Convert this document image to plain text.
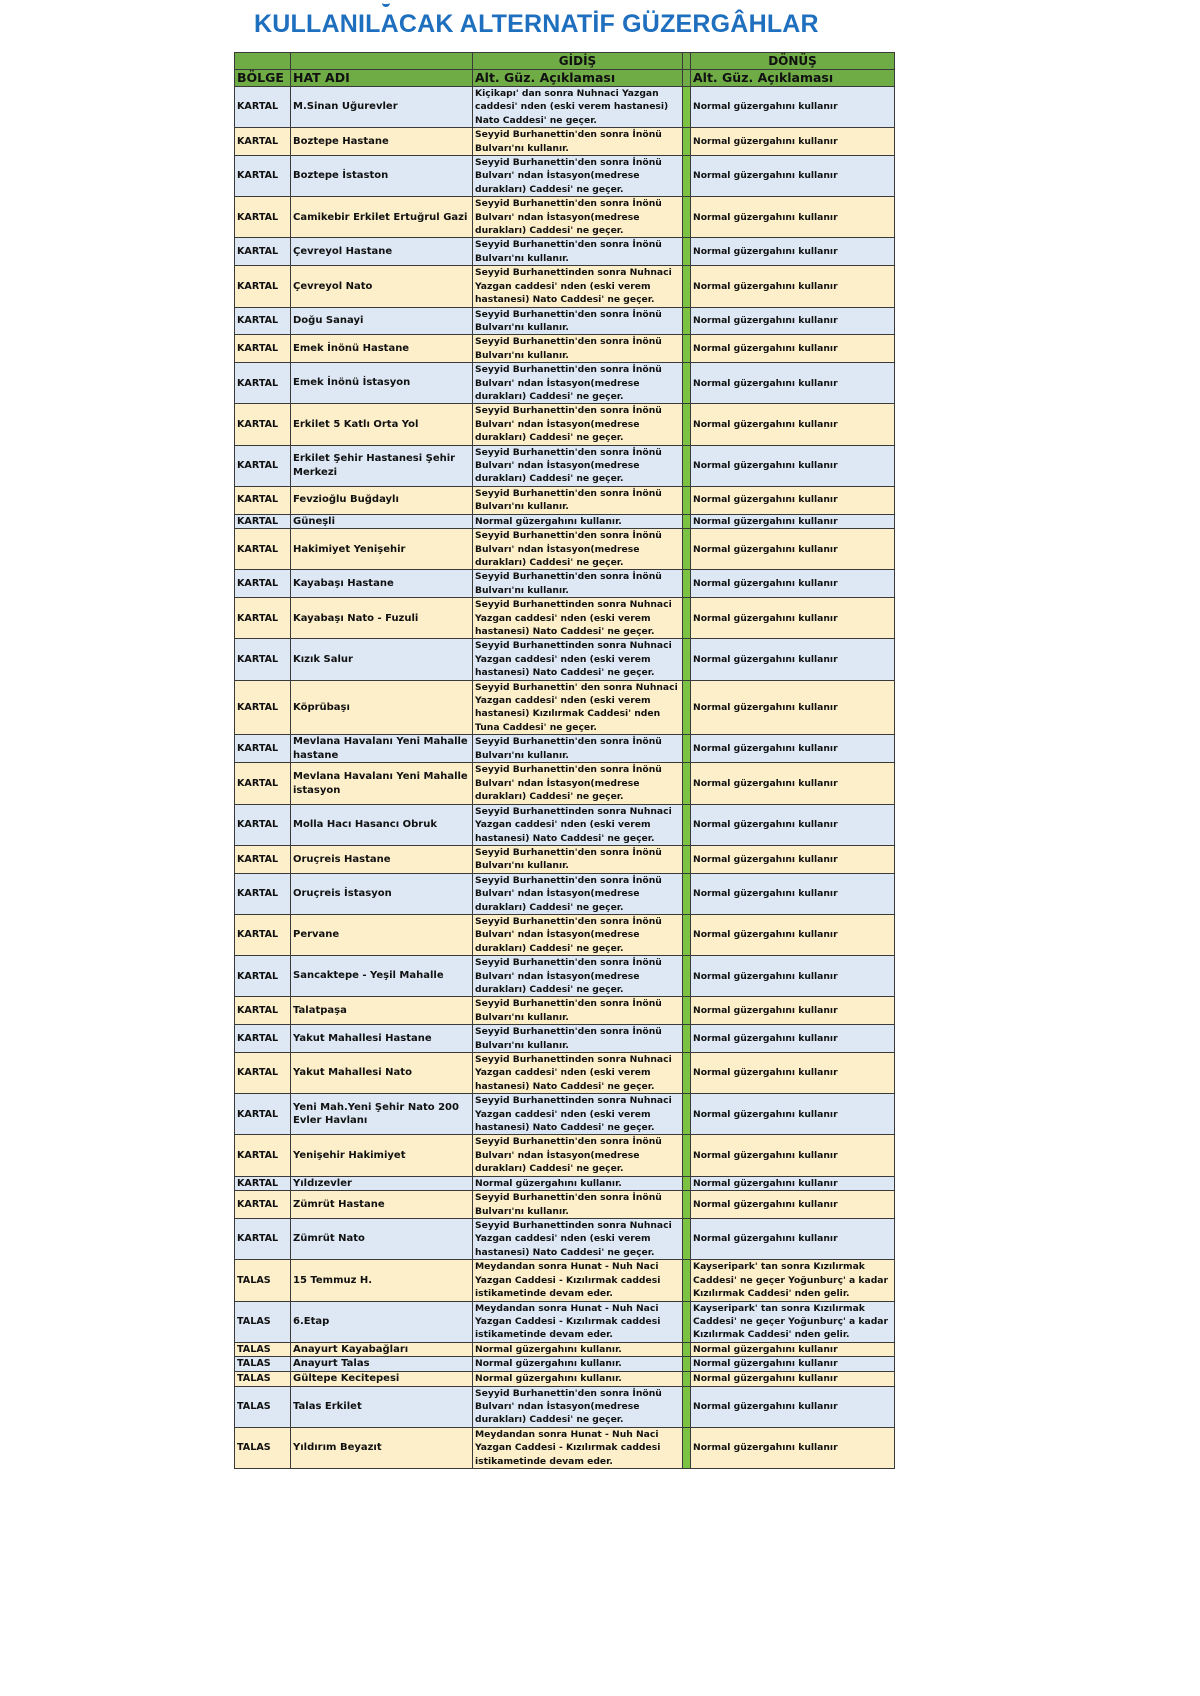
KULLANILACAK ALTERNATİF GÜZERGÂHLAR
		GİDİŞ		DÖNÜŞ
BÖLGE	HAT ADI	Alt. Güz. Açıklaması		Alt. Güz. Açıklaması
KARTAL	M.Sinan Uğurevler	Kiçikapı' dan sonra Nuhnaci Yazgan caddesi' nden (eski verem hastanesi) Nato Caddesi' ne geçer.		Normal güzergahını kullanır
KARTAL	Boztepe Hastane	Seyyid Burhanettin'den sonra İnönü Bulvarı'nı kullanır.		Normal güzergahını kullanır
KARTAL	Boztepe İstaston	Seyyid Burhanettin'den sonra İnönü Bulvarı' ndan İstasyon(medrese durakları) Caddesi' ne geçer.		Normal güzergahını kullanır
KARTAL	Camikebir Erkilet Ertuğrul Gazi	Seyyid Burhanettin'den sonra İnönü Bulvarı' ndan İstasyon(medrese durakları) Caddesi' ne geçer.		Normal güzergahını kullanır
KARTAL	Çevreyol Hastane	Seyyid Burhanettin'den sonra İnönü Bulvarı'nı kullanır.		Normal güzergahını kullanır
KARTAL	Çevreyol Nato	Seyyid Burhanettinden sonra Nuhnaci Yazgan caddesi' nden (eski verem hastanesi) Nato Caddesi' ne geçer.		Normal güzergahını kullanır
KARTAL	Doğu Sanayi	Seyyid Burhanettin'den sonra İnönü Bulvarı'nı kullanır.		Normal güzergahını kullanır
KARTAL	Emek İnönü Hastane	Seyyid Burhanettin'den sonra İnönü Bulvarı'nı kullanır.		Normal güzergahını kullanır
KARTAL	Emek İnönü İstasyon	Seyyid Burhanettin'den sonra İnönü Bulvarı' ndan İstasyon(medrese durakları) Caddesi' ne geçer.		Normal güzergahını kullanır
KARTAL	Erkilet 5 Katlı Orta Yol	Seyyid Burhanettin'den sonra İnönü Bulvarı' ndan İstasyon(medrese durakları) Caddesi' ne geçer.		Normal güzergahını kullanır
KARTAL	Erkilet Şehir Hastanesi Şehir Merkezi	Seyyid Burhanettin'den sonra İnönü Bulvarı' ndan İstasyon(medrese durakları) Caddesi' ne geçer.		Normal güzergahını kullanır
KARTAL	Fevzioğlu Buğdaylı	Seyyid Burhanettin'den sonra İnönü Bulvarı'nı kullanır.		Normal güzergahını kullanır
KARTAL	Güneşli	Normal güzergahını kullanır.		Normal güzergahını kullanır
KARTAL	Hakimiyet Yenişehir	Seyyid Burhanettin'den sonra İnönü Bulvarı' ndan İstasyon(medrese durakları) Caddesi' ne geçer.		Normal güzergahını kullanır
KARTAL	Kayabaşı Hastane	Seyyid Burhanettin'den sonra İnönü Bulvarı'nı kullanır.		Normal güzergahını kullanır
KARTAL	Kayabaşı Nato - Fuzuli	Seyyid Burhanettinden sonra Nuhnaci Yazgan caddesi' nden (eski verem hastanesi) Nato Caddesi' ne geçer.		Normal güzergahını kullanır
KARTAL	Kızık Salur	Seyyid Burhanettinden sonra Nuhnaci Yazgan caddesi' nden (eski verem hastanesi) Nato Caddesi' ne geçer.		Normal güzergahını kullanır
KARTAL	Köprübaşı	Seyyid Burhanettin' den sonra Nuhnaci Yazgan caddesi' nden (eski verem hastanesi) Kızılırmak Caddesi' nden Tuna Caddesi' ne geçer.		Normal güzergahını kullanır
KARTAL	Mevlana Havalanı Yeni Mahalle hastane	Seyyid Burhanettin'den sonra İnönü Bulvarı'nı kullanır.		Normal güzergahını kullanır
KARTAL	Mevlana Havalanı Yeni Mahalle istasyon	Seyyid Burhanettin'den sonra İnönü Bulvarı' ndan İstasyon(medrese durakları) Caddesi' ne geçer.		Normal güzergahını kullanır
KARTAL	Molla Hacı Hasancı Obruk	Seyyid Burhanettinden sonra Nuhnaci Yazgan caddesi' nden (eski verem hastanesi) Nato Caddesi' ne geçer.		Normal güzergahını kullanır
KARTAL	Oruçreis Hastane	Seyyid Burhanettin'den sonra İnönü Bulvarı'nı kullanır.		Normal güzergahını kullanır
KARTAL	Oruçreis İstasyon	Seyyid Burhanettin'den sonra İnönü Bulvarı' ndan İstasyon(medrese durakları) Caddesi' ne geçer.		Normal güzergahını kullanır
KARTAL	Pervane	Seyyid Burhanettin'den sonra İnönü Bulvarı' ndan İstasyon(medrese durakları) Caddesi' ne geçer.		Normal güzergahını kullanır
KARTAL	Sancaktepe - Yeşil Mahalle	Seyyid Burhanettin'den sonra İnönü Bulvarı' ndan İstasyon(medrese durakları) Caddesi' ne geçer.		Normal güzergahını kullanır
KARTAL	Talatpaşa	Seyyid Burhanettin'den sonra İnönü Bulvarı'nı kullanır.		Normal güzergahını kullanır
KARTAL	Yakut Mahallesi Hastane	Seyyid Burhanettin'den sonra İnönü Bulvarı'nı kullanır.		Normal güzergahını kullanır
KARTAL	Yakut Mahallesi Nato	Seyyid Burhanettinden sonra Nuhnaci Yazgan caddesi' nden (eski verem hastanesi) Nato Caddesi' ne geçer.		Normal güzergahını kullanır
KARTAL	Yeni Mah.Yeni Şehir Nato 200 Evler Havlanı	Seyyid Burhanettinden sonra Nuhnaci Yazgan caddesi' nden (eski verem hastanesi) Nato Caddesi' ne geçer.		Normal güzergahını kullanır
KARTAL	Yenişehir Hakimiyet	Seyyid Burhanettin'den sonra İnönü Bulvarı' ndan İstasyon(medrese durakları) Caddesi' ne geçer.		Normal güzergahını kullanır
KARTAL	Yıldızevler	Normal güzergahını kullanır.		Normal güzergahını kullanır
KARTAL	Zümrüt Hastane	Seyyid Burhanettin'den sonra İnönü Bulvarı'nı kullanır.		Normal güzergahını kullanır
KARTAL	Zümrüt Nato	Seyyid Burhanettinden sonra Nuhnaci Yazgan caddesi' nden (eski verem hastanesi) Nato Caddesi' ne geçer.		Normal güzergahını kullanır
TALAS	15 Temmuz H.	Meydandan sonra Hunat - Nuh Naci Yazgan Caddesi - Kızılırmak caddesi istikametinde devam eder.		Kayseripark' tan sonra Kızılırmak Caddesi' ne geçer Yoğunburç' a kadar Kızılırmak Caddesi' nden gelir.
TALAS	6.Etap	Meydandan sonra Hunat - Nuh Naci Yazgan Caddesi - Kızılırmak caddesi istikametinde devam eder.		Kayseripark' tan sonra Kızılırmak Caddesi' ne geçer Yoğunburç' a kadar Kızılırmak Caddesi' nden gelir.
TALAS	Anayurt Kayabağları	Normal güzergahını kullanır.		Normal güzergahını kullanır
TALAS	Anayurt Talas	Normal güzergahını kullanır.		Normal güzergahını kullanır
TALAS	Gültepe Kecitepesi	Normal güzergahını kullanır.		Normal güzergahını kullanır
TALAS	Talas Erkilet	Seyyid Burhanettin'den sonra İnönü Bulvarı' ndan İstasyon(medrese durakları) Caddesi' ne geçer.		Normal güzergahını kullanır
TALAS	Yıldırım Beyazıt	Meydandan sonra Hunat - Nuh Naci Yazgan Caddesi - Kızılırmak caddesi istikametinde devam eder.		Normal güzergahını kullanır
